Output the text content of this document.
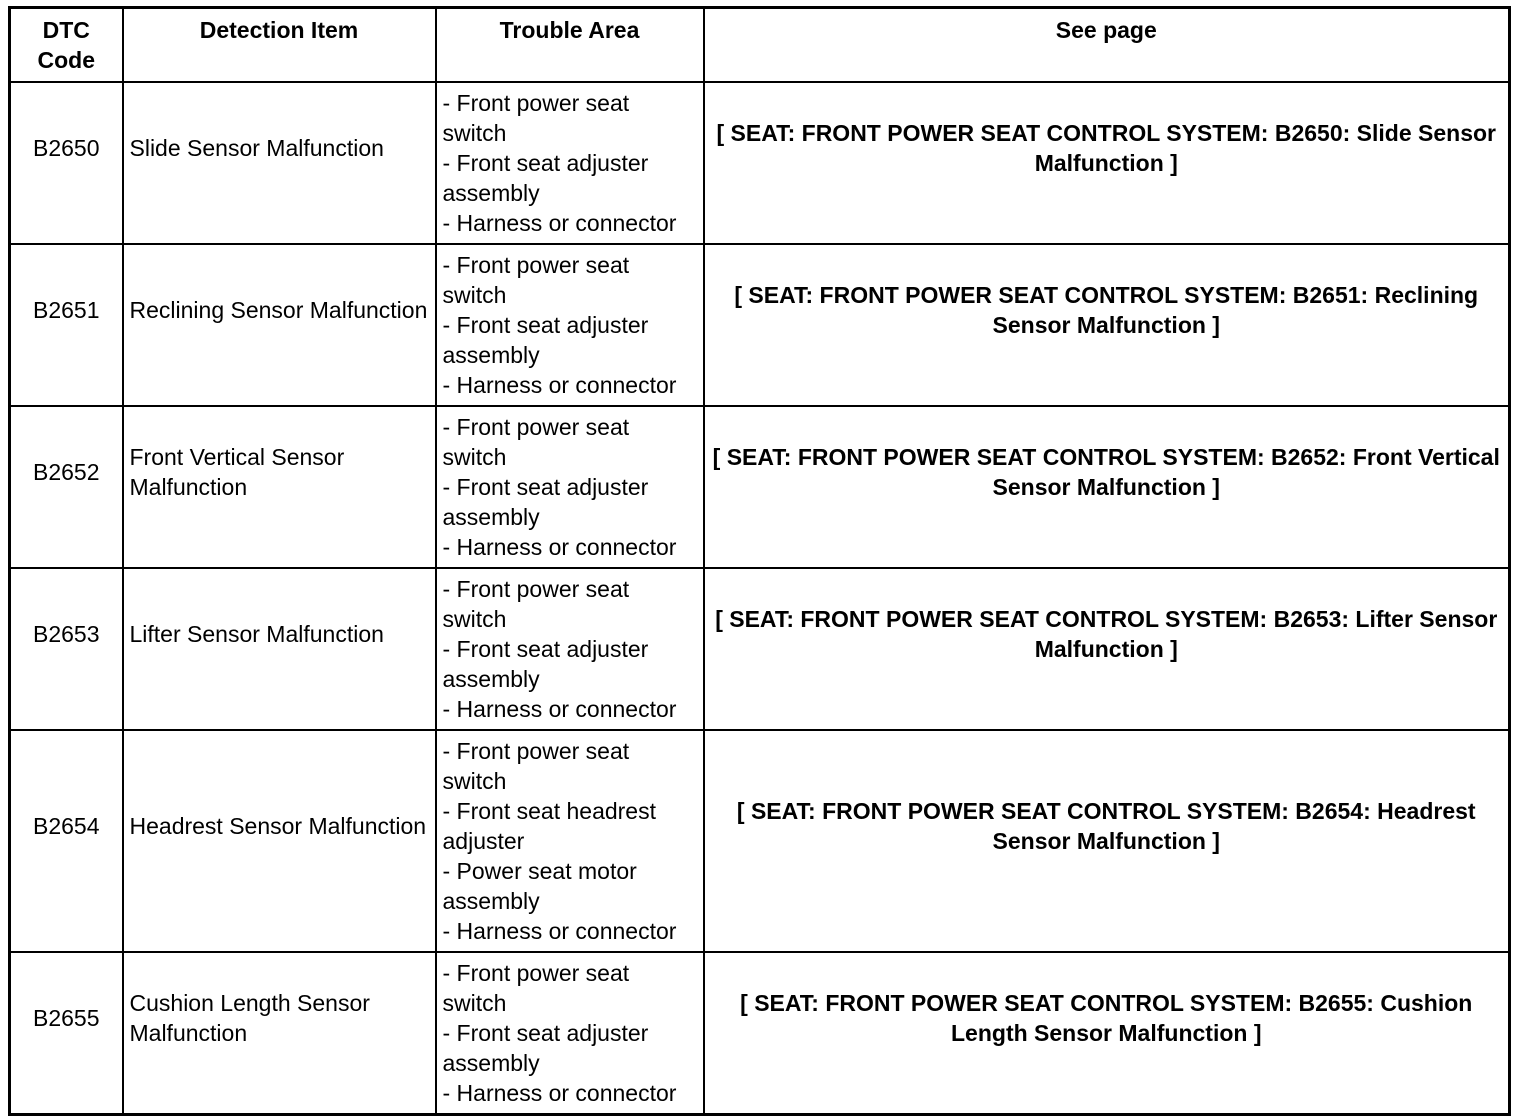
DTC
Code	Detection Item	Trouble Area	See page

B2650	Slide Sensor Malfunction	- Front power seat switch
- Front seat adjuster assembly
- Harness or connector	[ SEAT: FRONT POWER SEAT CONTROL SYSTEM: B2650: Slide Sensor Malfunction ]

B2651	Reclining Sensor Malfunction	- Front power seat switch
- Front seat adjuster assembly
- Harness or connector	[ SEAT: FRONT POWER SEAT CONTROL SYSTEM: B2651: Reclining Sensor Malfunction ]

B2652	Front Vertical Sensor Malfunction	- Front power seat switch
- Front seat adjuster assembly
- Harness or connector	[ SEAT: FRONT POWER SEAT CONTROL SYSTEM: B2652: Front Vertical Sensor Malfunction ]

B2653	Lifter Sensor Malfunction	- Front power seat switch
- Front seat adjuster assembly
- Harness or connector	[ SEAT: FRONT POWER SEAT CONTROL SYSTEM: B2653: Lifter Sensor Malfunction ]

B2654	Headrest Sensor Malfunction	- Front power seat switch
- Front seat headrest adjuster
- Power seat motor assembly
- Harness or connector	[ SEAT: FRONT POWER SEAT CONTROL SYSTEM: B2654: Headrest Sensor Malfunction ]

B2655	Cushion Length Sensor Malfunction	- Front power seat switch
- Front seat adjuster assembly
- Harness or connector	[ SEAT: FRONT POWER SEAT CONTROL SYSTEM: B2655: Cushion Length Sensor Malfunction ]
